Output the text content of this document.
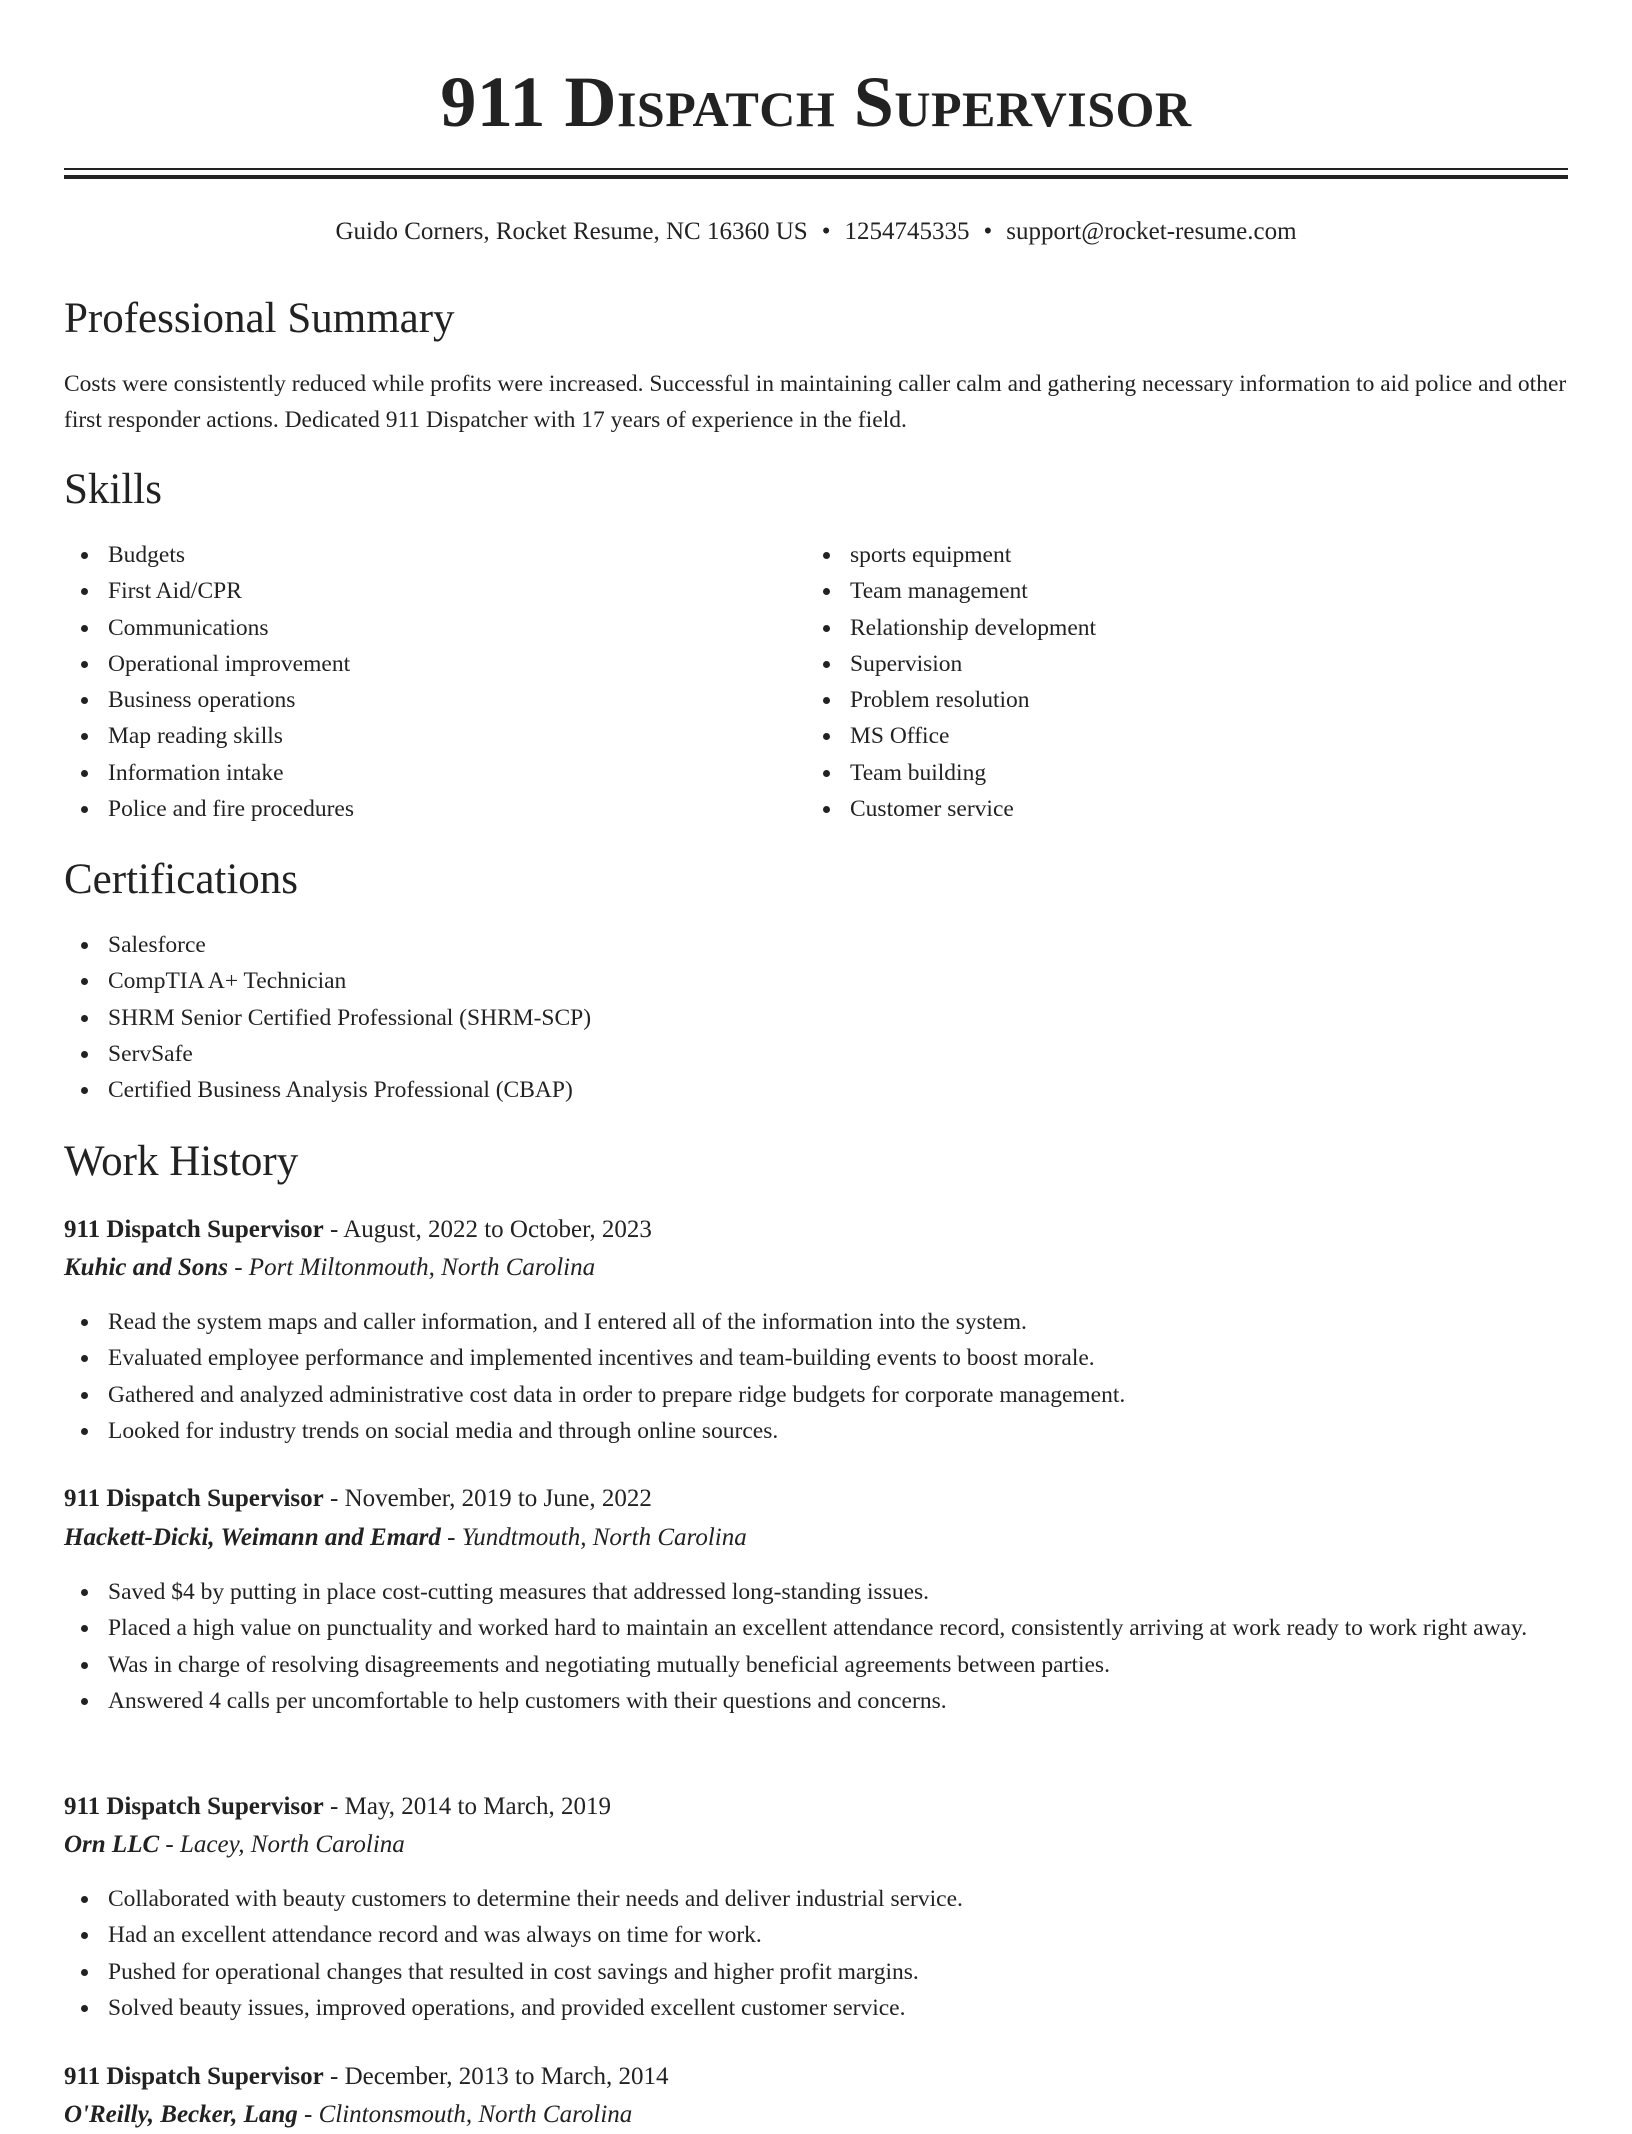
911 Dispatch Supervisor
Guido Corners, Rocket Resume, NC 16360 US • 1254745335 • support@rocket-resume.com
Professional Summary

Costs were consistently reduced while profits were increased. Successful in maintaining caller calm and gathering necessary information to aid police and other first responder actions. Dedicated 911 Dispatcher with 17 years of experience in the field.

Skills
Budgets
First Aid/CPR
Communications
Operational improvement
Business operations
Map reading skills
Information intake
Police and fire procedures
sports equipment
Team management
Relationship development
Supervision
Problem resolution
MS Office
Team building
Customer service
Certifications
Salesforce
CompTIA A+ Technician
SHRM Senior Certified Professional (SHRM-SCP)
ServSafe
Certified Business Analysis Professional (CBAP)
Work History
911 Dispatch Supervisor - August, 2022 to October, 2023
Kuhic and Sons - Port Miltonmouth, North Carolina
Read the system maps and caller information, and I entered all of the information into the system.
Evaluated employee performance and implemented incentives and team-building events to boost morale.
Gathered and analyzed administrative cost data in order to prepare ridge budgets for corporate management.
Looked for industry trends on social media and through online sources.
911 Dispatch Supervisor - November, 2019 to June, 2022
Hackett-Dicki, Weimann and Emard - Yundtmouth, North Carolina
Saved $4 by putting in place cost-cutting measures that addressed long-standing issues.
Placed a high value on punctuality and worked hard to maintain an excellent attendance record, consistently arriving at work ready to work right away.
Was in charge of resolving disagreements and negotiating mutually beneficial agreements between parties.
Answered 4 calls per uncomfortable to help customers with their questions and concerns.
911 Dispatch Supervisor - May, 2014 to March, 2019
Orn LLC - Lacey, North Carolina
Collaborated with beauty customers to determine their needs and deliver industrial service.
Had an excellent attendance record and was always on time for work.
Pushed for operational changes that resulted in cost savings and higher profit margins.
Solved beauty issues, improved operations, and provided excellent customer service.
911 Dispatch Supervisor - December, 2013 to March, 2014
O'Reilly, Becker, Lang - Clintonsmouth, North Carolina
